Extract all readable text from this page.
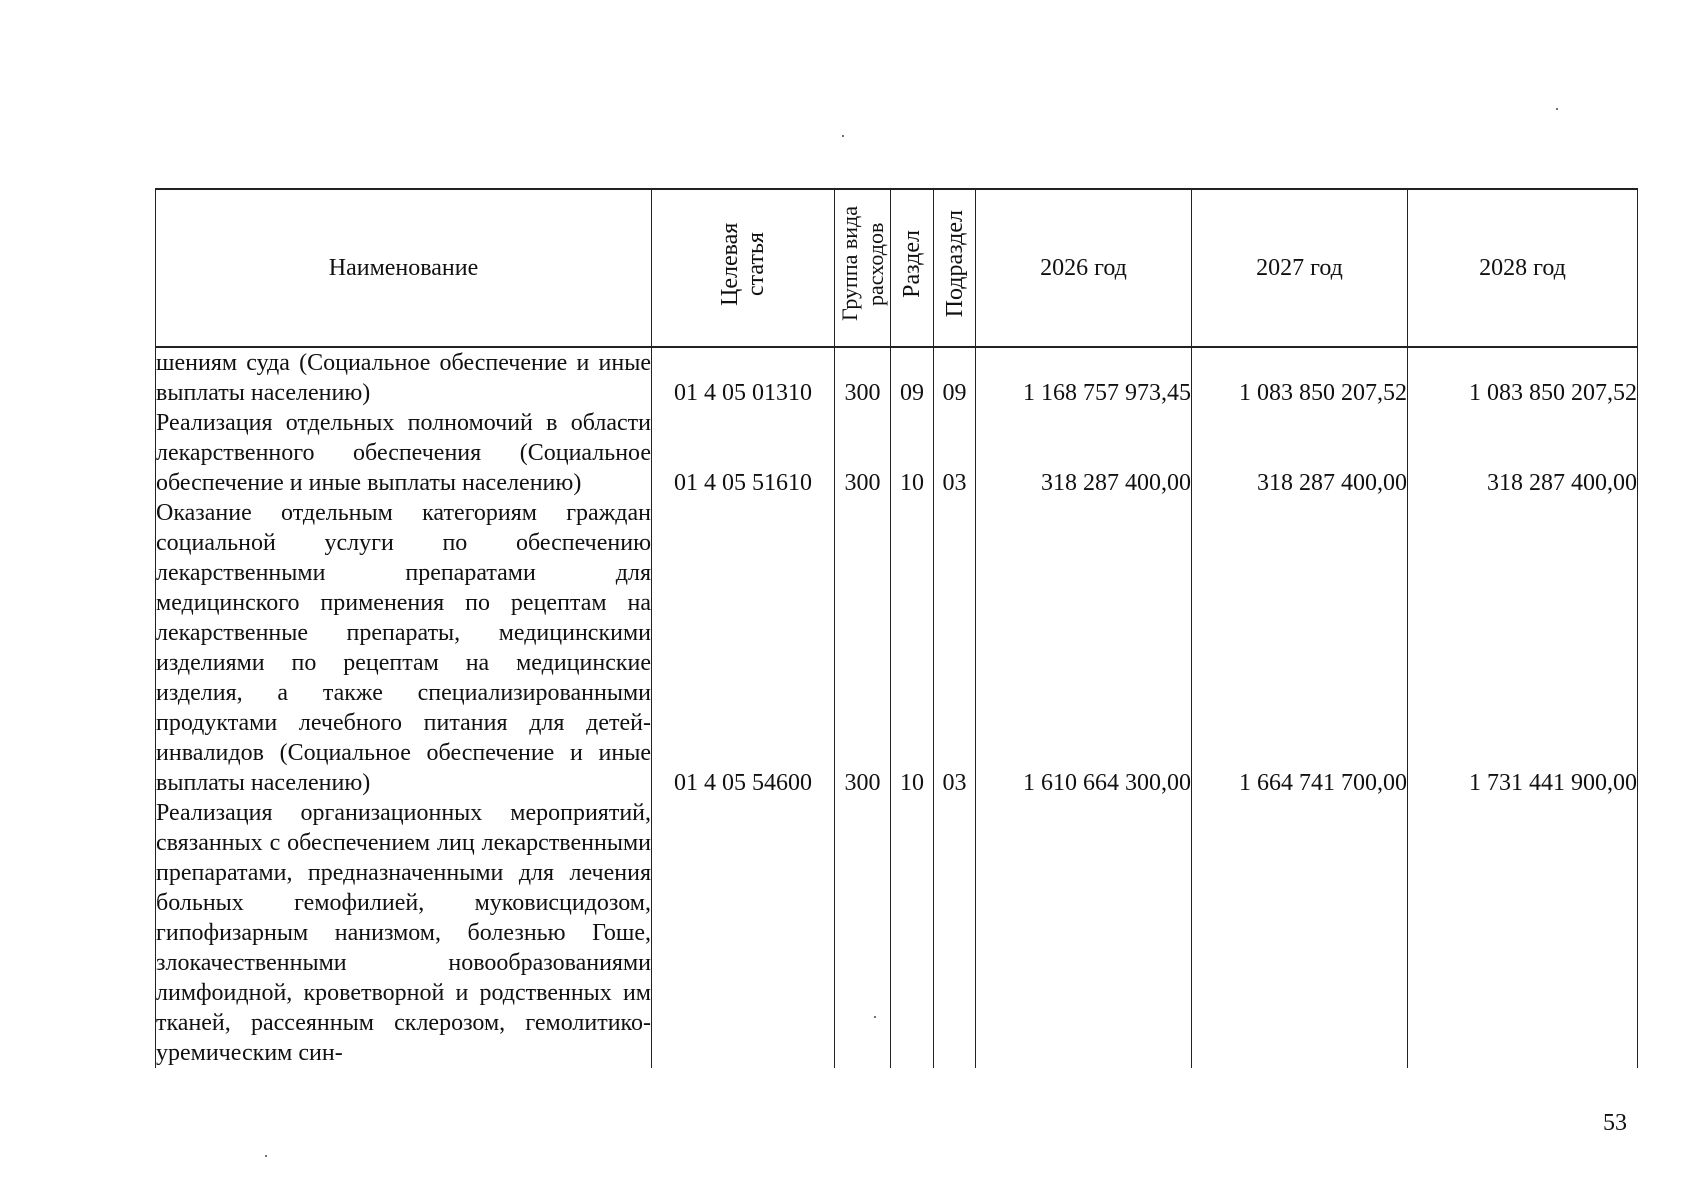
Наименование	Целевая статья	Группа вида расходов	Раздел	Подраздел	2026 год	2027 год	2028 год
шениям суда (Социальное обеспечение и иные выплаты населению)	01 4 05 01310	300	09	09	1 168 757 973,45	1 083 850 207,52	1 083 850 207,52
Реализация отдельных полномочий в области лекарственного обеспечения (Социальное обеспечение и иные выплаты населению)	01 4 05 51610	300	10	03	318 287 400,00	318 287 400,00	318 287 400,00
Оказание отдельным категориям граждан социальной услуги по обеспечению лекарственными препаратами для медицинского применения по рецептам на лекарственные препараты, медицинскими изделиями по рецептам на медицинские изделия, а также специализированными продуктами лечебного питания для детей-инвалидов (Социальное обеспечение и иные выплаты населению)	01 4 05 54600	300	10	03	1 610 664 300,00	1 664 741 700,00	1 731 441 900,00
Реализация организационных мероприятий, связанных с обеспечением лиц лекарственными препаратами, предназначенными для лечения больных гемофилией, муковисцидозом, гипофизарным нанизмом, болезнью Гоше, злокачественными новообразованиями лимфоидной, кроветворной и родственных им тканей, рассеянным склерозом, гемолитико-уремическим син-							
53
